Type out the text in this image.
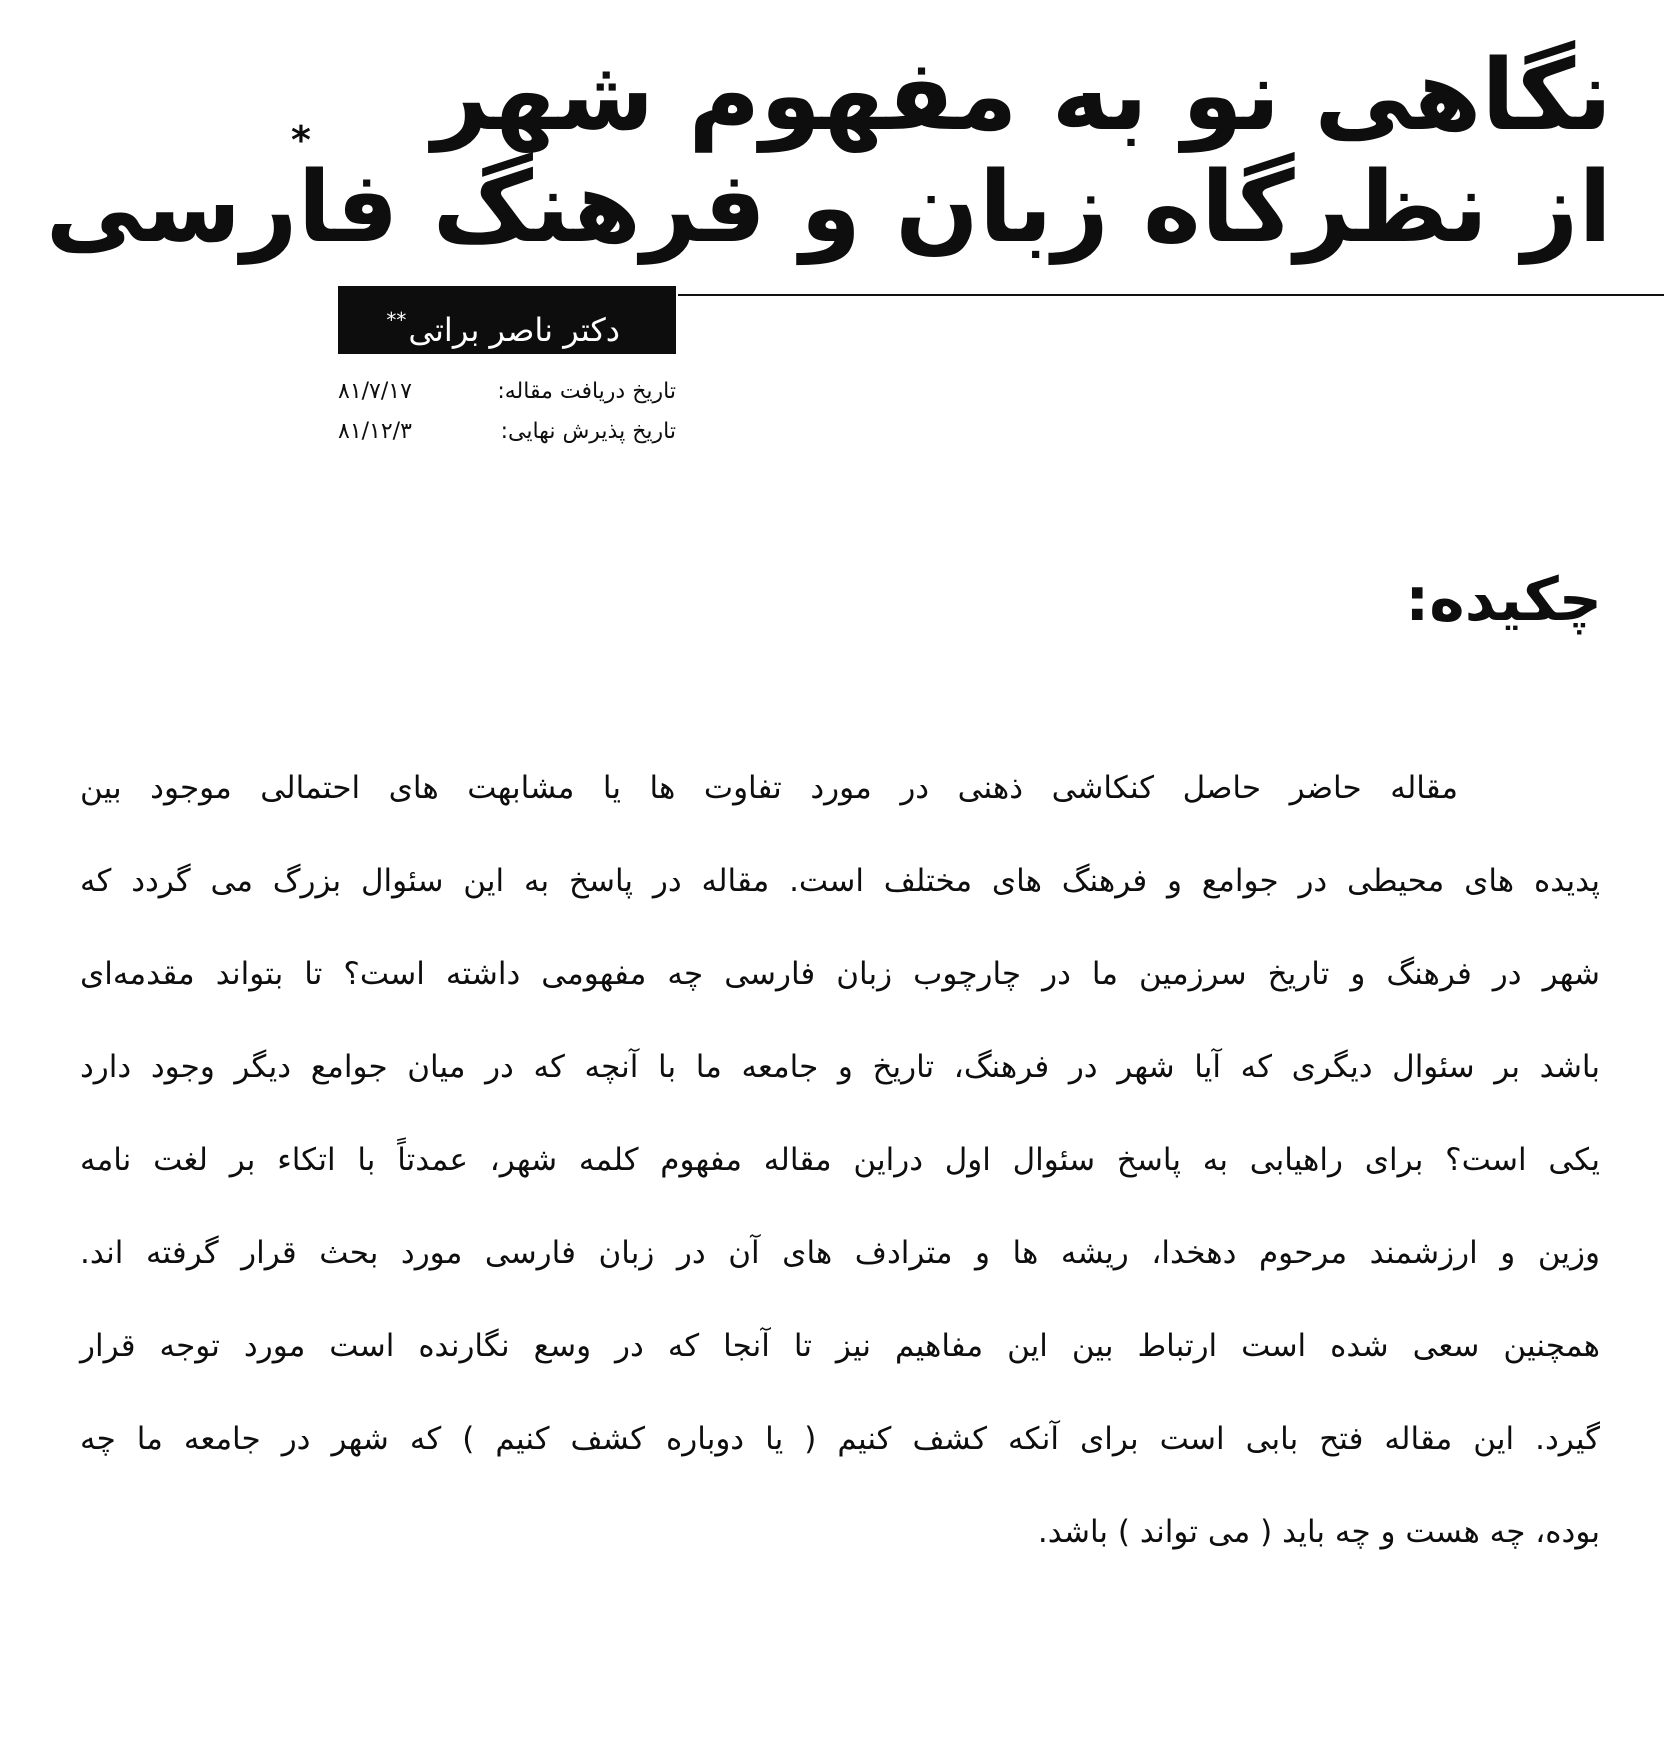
نگاهی نو به مفهوم شهر
از نظرگاه زبان و فرهنگ فارسی
*
دکتر ناصر براتی**
تاریخ دریافت مقاله:
۸۱/۷/۱۷
تاریخ پذیرش نهایی:
۸۱/۱۲/۳
چکیده:
مقاله حاضر حاصل کنکاشی ذهنی در مورد تفاوت ها یا مشابهت های احتمالی موجود بین
پدیده های محیطی در جوامع و فرهنگ های مختلف است. مقاله در پاسخ به این سئوال بزرگ می گردد که
شهر در فرهنگ و تاریخ سرزمین ما در چارچوب زبان فارسی چه مفهومی داشته است؟ تا بتواند مقدمه‌ای
باشد بر سئوال دیگری که آیا شهر در فرهنگ، تاریخ و جامعه ما با آنچه که در میان جوامع دیگر وجود دارد
یکی است؟ برای راهیابی به پاسخ سئوال اول دراین مقاله مفهوم کلمه شهر، عمدتاً با اتکاء بر لغت نامه
وزین و ارزشمند مرحوم دهخدا، ریشه ها و مترادف های آن در زبان فارسی مورد بحث قرار گرفته اند.
همچنین سعی شده است ارتباط بین این مفاهیم نیز تا آنجا که در وسع نگارنده است مورد توجه قرار
گیرد. این مقاله فتح بابی است برای آنکه کشف کنیم ( یا دوباره کشف کنیم ) که شهر در جامعه ما چه
بوده، چه هست و چه باید ( می تواند ) باشد.
